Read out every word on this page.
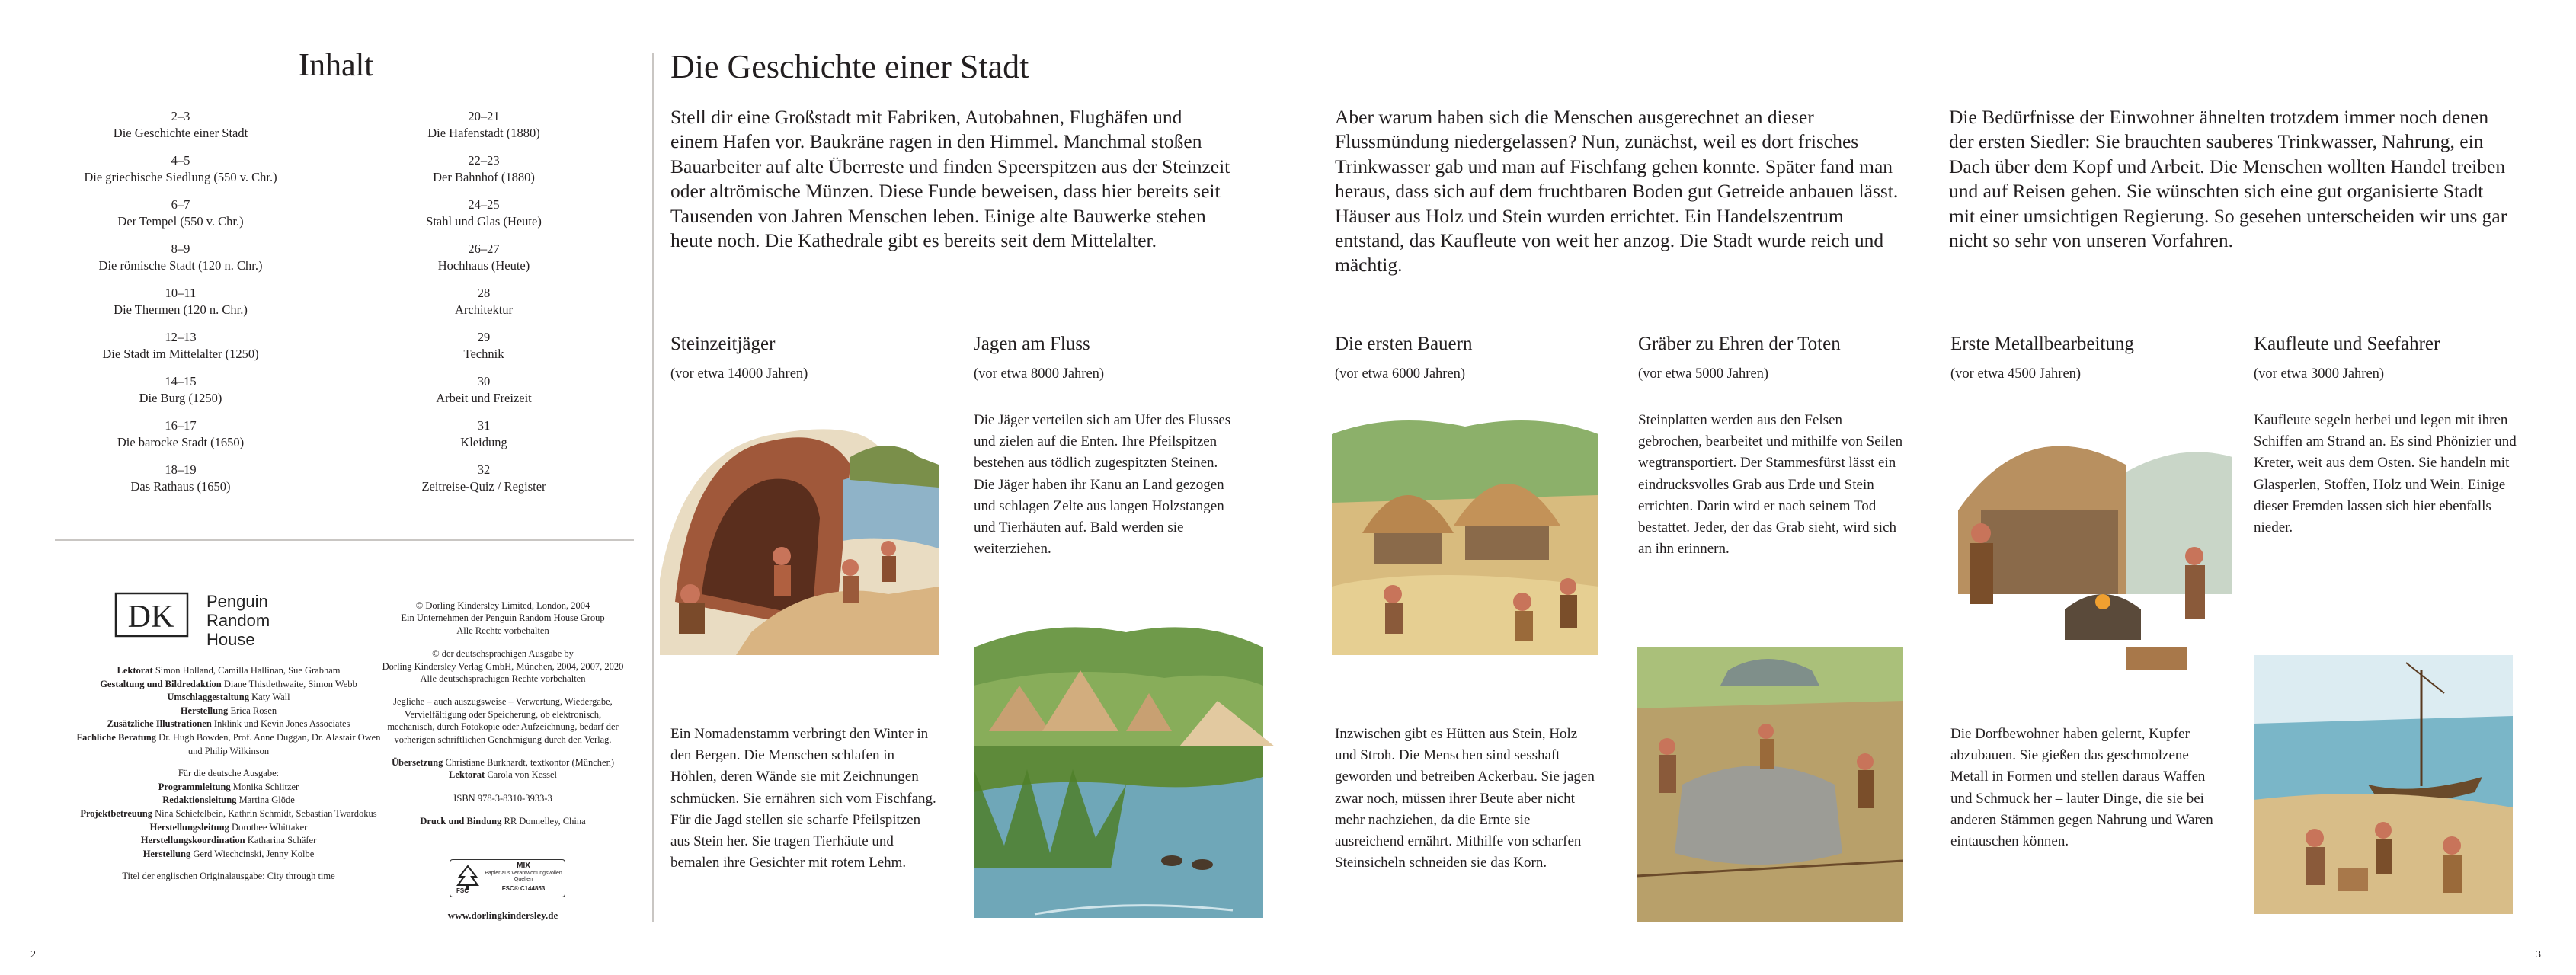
Inhalt
2–3
Die Geschichte einer Stadt
4–5
Die griechische Siedlung (550 v. Chr.)
6–7
Der Tempel (550 v. Chr.)
8–9
Die römische Stadt (120 n. Chr.)
10–11
Die Thermen (120 n. Chr.)
12–13
Die Stadt im Mittelalter (1250)
14–15
Die Burg (1250)
16–17
Die barocke Stadt (1650)
18–19
Das Rathaus (1650)
20–21
Die Hafenstadt (1880)
22–23
Der Bahnhof (1880)
24–25
Stahl und Glas (Heute)
26–27
Hochhaus (Heute)
28
Architektur
29
Technik
30
Arbeit und Freizeit
31
Kleidung
32
Zeitreise-Quiz / Register
DK Penguin
Random
House
Lektorat Simon Holland, Camilla Hallinan, Sue Grabham
Gestaltung und Bildredaktion Diane Thistlethwaite, Simon Webb
Umschlaggestaltung Katy Wall
Herstellung Erica Rosen
Zusätzliche Illustrationen Inklink und Kevin Jones Associates
Fachliche Beratung Dr. Hugh Bowden, Prof. Anne Duggan, Dr. Alastair Owen und Philip Wilkinson
Für die deutsche Ausgabe:
Programmleitung Monika Schlitzer
Redaktionsleitung Martina Glöde
Projektbetreuung Nina Schiefelbein, Kathrin Schmidt, Sebastian Twardokus
Herstellungsleitung Dorothee Whittaker
Herstellungskoordination Katharina Schäfer
Herstellung Gerd Wiechcinski, Jenny Kolbe
Titel der englischen Originalausgabe: City through time

© Dorling Kindersley Limited, London, 2004
Ein Unternehmen der Penguin Random House Group
Alle Rechte vorbehalten

© der deutschsprachigen Ausgabe by
Dorling Kindersley Verlag GmbH, München, 2004, 2007, 2020
Alle deutschsprachigen Rechte vorbehalten

Jegliche – auch auszugsweise – Verwertung, Wiedergabe, Vervielfältigung oder Speicherung, ob elektronisch, mechanisch, durch Fotokopie oder Aufzeichnung, bedarf der vorherigen schriftlichen Genehmigung durch den Verlag.

Übersetzung Christiane Burkhardt, textkontor (München)
Lektorat Carola von Kessel

ISBN 978-3-8310-3933-3

Druck und Bindung RR Donnelley, China

MIX
Papier aus verantwortungsvollen Quellen
FSC® C144853
FSC
www.dorlingkindersley.de
2
Die Geschichte einer Stadt
Stell dir eine Großstadt mit Fabriken, Autobahnen, Flughäfen und einem Hafen vor. Baukräne ragen in den Himmel. Manchmal stoßen Bauarbeiter auf alte Überreste und finden Speerspitzen aus der Steinzeit oder altrömische Münzen. Diese Funde beweisen, dass hier bereits seit Tausenden von Jahren Menschen leben. Einige alte Bauwerke stehen heute noch. Die Kathedrale gibt es bereits seit dem Mittelalter.
Aber warum haben sich die Menschen ausgerechnet an dieser Flussmündung niedergelassen? Nun, zunächst, weil es dort frisches Trinkwasser gab und man auf Fischfang gehen konnte. Später fand man heraus, dass sich auf dem fruchtbaren Boden gut Getreide anbauen lässt. Häuser aus Holz und Stein wurden errichtet. Ein Handelszentrum entstand, das Kaufleute von weit her anzog. Die Stadt wurde reich und mächtig.
Die Bedürfnisse der Einwohner ähnelten trotzdem immer noch denen der ersten Siedler: Sie brauchten sauberes Trinkwasser, Nahrung, ein Dach über dem Kopf und Arbeit. Die Menschen wollten Handel treiben und auf Reisen gehen. Sie wünschten sich eine gut organisierte Stadt mit einer umsichtigen Regierung. So gesehen unterscheiden wir uns gar nicht so sehr von unseren Vorfahren.
Steinzeitjäger
(vor etwa 14000 Jahren)
Ein Nomadenstamm verbringt den Winter in den Bergen. Die Menschen schlafen in Höhlen, deren Wände sie mit Zeichnungen schmücken. Sie ernähren sich vom Fischfang. Für die Jagd stellen sie scharfe Pfeilspitzen aus Stein her. Sie tragen Tierhäute und bemalen ihre Gesichter mit rotem Lehm.
Jagen am Fluss
(vor etwa 8000 Jahren)
Die Jäger verteilen sich am Ufer des Flusses und zielen auf die Enten. Ihre Pfeilspitzen bestehen aus tödlich zugespitzten Steinen. Die Jäger haben ihr Kanu an Land gezogen und schlagen Zelte aus langen Holzstangen und Tierhäuten auf. Bald werden sie weiterziehen.
Die ersten Bauern
(vor etwa 6000 Jahren)
Inzwischen gibt es Hütten aus Stein, Holz und Stroh. Die Menschen sind sesshaft geworden und betreiben Ackerbau. Sie jagen zwar noch, müssen ihrer Beute aber nicht mehr nachziehen, da die Ernte sie ausreichend ernährt. Mithilfe von scharfen Steinsicheln schneiden sie das Korn.
Gräber zu Ehren der Toten
(vor etwa 5000 Jahren)
Steinplatten werden aus den Felsen gebrochen, bearbeitet und mithilfe von Seilen wegtransportiert. Der Stammesfürst lässt ein eindrucksvolles Grab aus Erde und Stein errichten. Darin wird er nach seinem Tod bestattet. Jeder, der das Grab sieht, wird sich an ihn erinnern.
Erste Metallbearbeitung
(vor etwa 4500 Jahren)
Die Dorfbewohner haben gelernt, Kupfer abzubauen. Sie gießen das geschmolzene Metall in Formen und stellen daraus Waffen und Schmuck her – lauter Dinge, die sie bei anderen Stämmen gegen Nahrung und Waren eintauschen können.
Kaufleute und Seefahrer
(vor etwa 3000 Jahren)
Kaufleute segeln herbei und legen mit ihren Schiffen am Strand an. Es sind Phönizier und Kreter, weit aus dem Osten. Sie handeln mit Glasperlen, Stoffen, Holz und Wein. Einige dieser Fremden lassen sich hier ebenfalls nieder.
3
